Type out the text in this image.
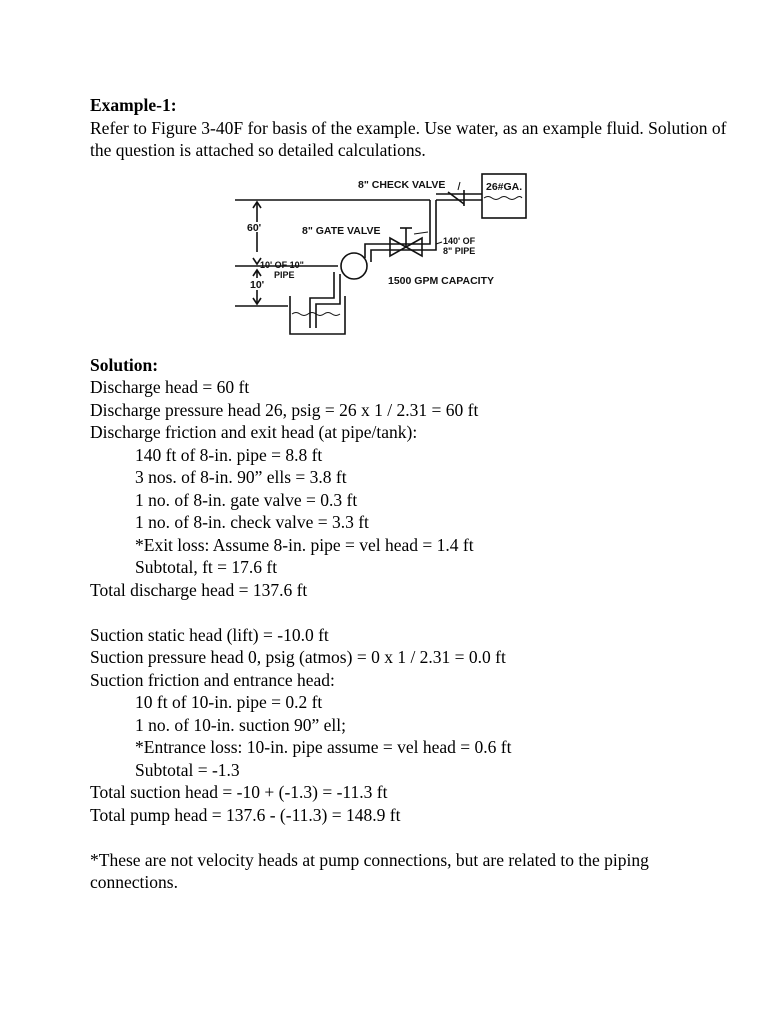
Example-1:
Refer to Figure 3-40F for basis of the example. Use water, as an example fluid. Solution of the question is attached so detailed calculations.
Solution:
Discharge head = 60 ft
Discharge pressure head 26, psig = 26 x 1 / 2.31 = 60 ft
Discharge friction and exit head (at pipe/tank):
140 ft of 8-in. pipe = 8.8 ft
3 nos. of 8-in. 90” ells = 3.8 ft
1 no. of 8-in. gate valve = 0.3 ft
1 no. of 8-in. check valve = 3.3 ft
*Exit loss: Assume 8-in. pipe = vel head = 1.4 ft
Subtotal, ft = 17.6 ft
Total discharge head = 137.6 ft
Suction static head (lift) = -10.0 ft
Suction pressure head 0, psig (atmos) = 0 x 1 / 2.31 = 0.0 ft
Suction friction and entrance head:
10 ft of 10-in. pipe = 0.2 ft
1 no. of 10-in. suction 90” ell;
*Entrance loss: 10-in. pipe assume = vel head = 0.6 ft
Subtotal = -1.3
Total suction head = -10 + (-1.3) = -11.3 ft
Total pump head = 137.6 - (-11.3) = 148.9 ft
*These are not velocity heads at pump connections, but are related to the piping connections.
8" CHECK VALVE	26#GA.
8" GATE VALVE
140' OF
8" PIPE
10' OF 10"
PIPE	1500 GPM CAPACITY
60'
10'
